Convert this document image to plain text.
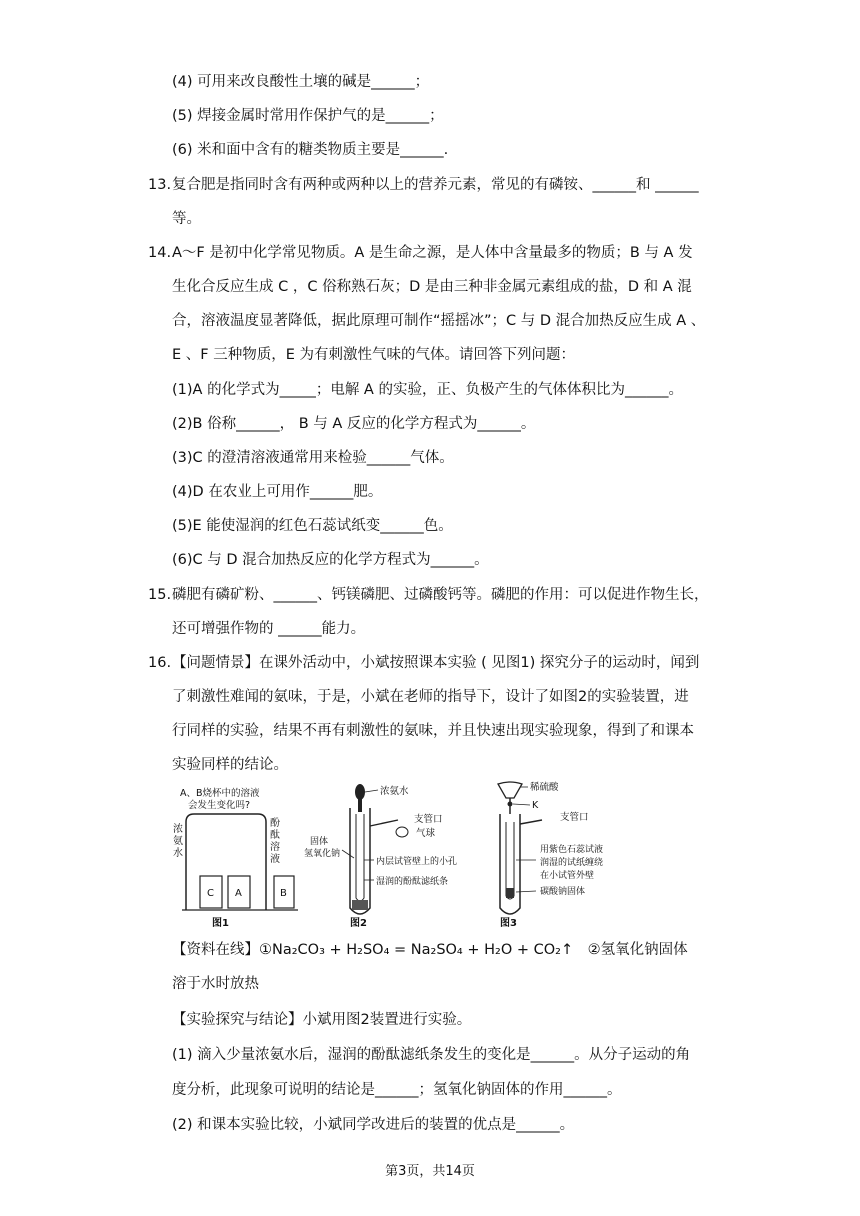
(4) 可用来改良酸性土壤的碱是______；
(5) 焊接金属时常用作保护气的是______；
(6) 米和面中含有的糖类物质主要是______.
13. 复合肥是指同时含有两种或两种以上的营养元素，常见的有磷铵、______和 ______
等。
14. A～F 是初中化学常见物质。A 是生命之源，是人体中含量最多的物质；B 与 A 发
生化合反应生成 C ，C 俗称熟石灰；D 是由三种非金属元素组成的盐，D 和 A 混
合，溶液温度显著降低，据此原理可制作“摇摇冰”；C 与 D 混合加热反应生成 A 、
E 、F 三种物质，E 为有刺激性气味的气体。请回答下列问题：
(1)A 的化学式为_____；电解 A 的实验，正、负极产生的气体体积比为______。
(2)B 俗称______， B 与 A 反应的化学方程式为______。
(3)C 的澄清溶液通常用来检验______气体。
(4)D 在农业上可用作______肥。
(5)E 能使湿润的红色石蕊试纸变______色。
(6)C 与 D 混合加热反应的化学方程式为______。
15. 磷肥有磷矿粉、______、钙镁磷肥、过磷酸钙等。磷肥的作用：可以促进作物生长，
还可增强作物的 ______能力。
16. 【问题情景】在课外活动中，小斌按照课本实验 ( 见图1) 探究分子的运动时，闻到
了刺激性难闻的氨味，于是，小斌在老师的指导下，设计了如图2的实验装置，进
行同样的实验，结果不再有刺激性的氨味，并且快速出现实验现象，得到了和课本
实验同样的结论。
【资料在线】①Na₂CO₃ + H₂SO₄ = Na₂SO₄ + H₂O + CO₂↑　②氢氧化钠固体
溶于水时放热
【实验探究与结论】小斌用图2装置进行实验。
(1) 滴入少量浓氨水后，湿润的酚酞滤纸条发生的变化是______。从分子运动的角
度分析，此现象可说明的结论是______；氢氧化钠固体的作用______。
(2) 和课本实验比较，小斌同学改进后的装置的优点是______。
A、B烧杯中的溶液
会发生变化吗?
浓
氨
水
酚
酞
溶
液
C A	B
图1
浓氨水
支管口
气球
内层试管壁上的小孔
湿润的酚酞滤纸条
固体
氢氧化钠
图2
稀硫酸
K
支管口
用紫色石蕊试液
润湿的试纸缠绕
在小试管外壁
碳酸钠固体
图3
第3页，共14页
